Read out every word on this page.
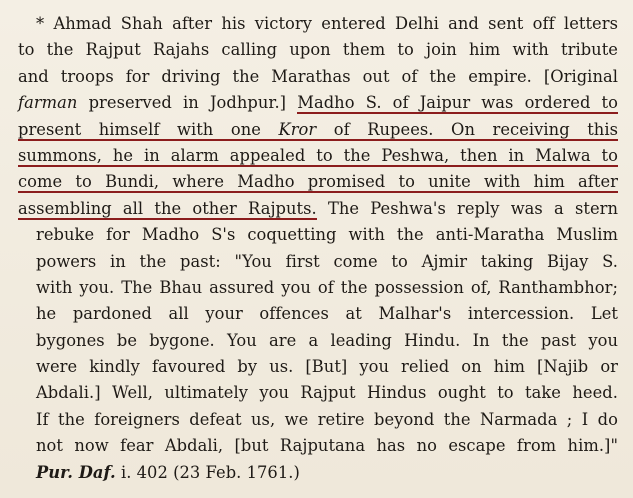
* Ahmad Shah after his victory entered Delhi and sent off letters
to the Rajput Rajahs calling upon them to join him with tribute
and troops for driving the Marathas out of the empire. [Original
farman preserved in Jodhpur.] Madho S. of Jaipur was ordered to
present himself with one Kror of Rupees. On receiving this
summons, he in alarm appealed to the Peshwa, then in Malwa to
come to Bundi, where Madho promised to unite with him after
assembling all the other Rajputs. The Peshwa's reply was a stern
rebuke for Madho S's coquetting with the anti-Maratha Muslim
powers in the past: "You first come to Ajmir taking Bijay S.
with you. The Bhau assured you of the possession of, Ranthambhor;
he pardoned all your offences at Malhar's intercession. Let
bygones be bygone. You are a leading Hindu. In the past you
were kindly favoured by us. [But] you relied on him [Najib or
Abdali.] Well, ultimately you Rajput Hindus ought to take heed.
If the foreigners defeat us, we retire beyond the Narmada ; I do
not now fear Abdali, [but Rajputana has no escape from him.]"
Pur. Daf. i. 402 (23 Feb. 1761.)
